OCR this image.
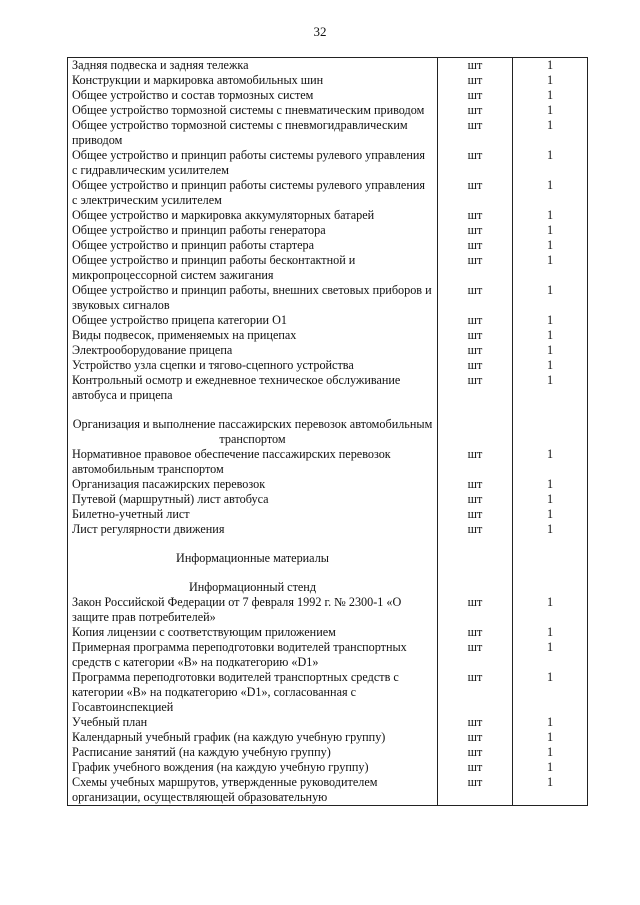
32
Задняя подвеска и задняя тележка	шт	1
Конструкции и маркировка автомобильных шин	шт	1
Общее устройство и состав тормозных систем	шт	1
Общее устройство тормозной системы с пневматическим приводом	шт	1
Общее устройство тормозной системы с пневмогидравлическим приводом	шт	1
Общее устройство и принцип работы системы рулевого управления с гидравлическим усилителем	шт	1
Общее устройство и принцип работы системы рулевого управления с электрическим усилителем	шт	1
Общее устройство и маркировка аккумуляторных батарей	шт	1
Общее устройство и принцип работы генератора	шт	1
Общее устройство и принцип работы стартера	шт	1
Общее устройство и принцип работы бесконтактной и микропроцессорной систем зажигания	шт	1
Общее устройство и принцип работы, внешних световых приборов и звуковых сигналов	шт	1
Общее устройство прицепа категории O1	шт	1
Виды подвесок, применяемых на прицепах	шт	1
Электрооборудование прицепа	шт	1
Устройство узла сцепки и тягово-сцепного устройства	шт	1
Контрольный осмотр и ежедневное техническое обслуживание автобуса и прицепа	шт	1

Организация и выполнение пассажирских перевозок автомобильным транспортом		
Нормативное правовое обеспечение пассажирских перевозок автомобильным транспортом	шт	1
Организация пасажирских перевозок	шт	1
Путевой (маршрутный) лист автобуса	шт	1
Билетно-учетный лист	шт	1
Лист регулярности движения	шт	1

Информационные материалы		

Информационный стенд		
Закон Российской Федерации от 7 февраля 1992 г. № 2300-1 «О защите прав потребителей»	шт	1
Копия лицензии с соответствующим приложением	шт	1
Примерная программа переподготовки водителей транспортных средств с категории «В» на подкатегорию «D1»	шт	1
Программа переподготовки водителей транспортных средств с категории «В» на подкатегорию «D1», согласованная с Госавтоинспекцией	шт	1
Учебный план	шт	1
Календарный учебный график (на каждую учебную группу)	шт	1
Расписание занятий (на каждую учебную группу)	шт	1
График учебного вождения (на каждую учебную группу)	шт	1
Схемы учебных маршрутов, утвержденные руководителем организации, осуществляющей образовательную	шт	1
